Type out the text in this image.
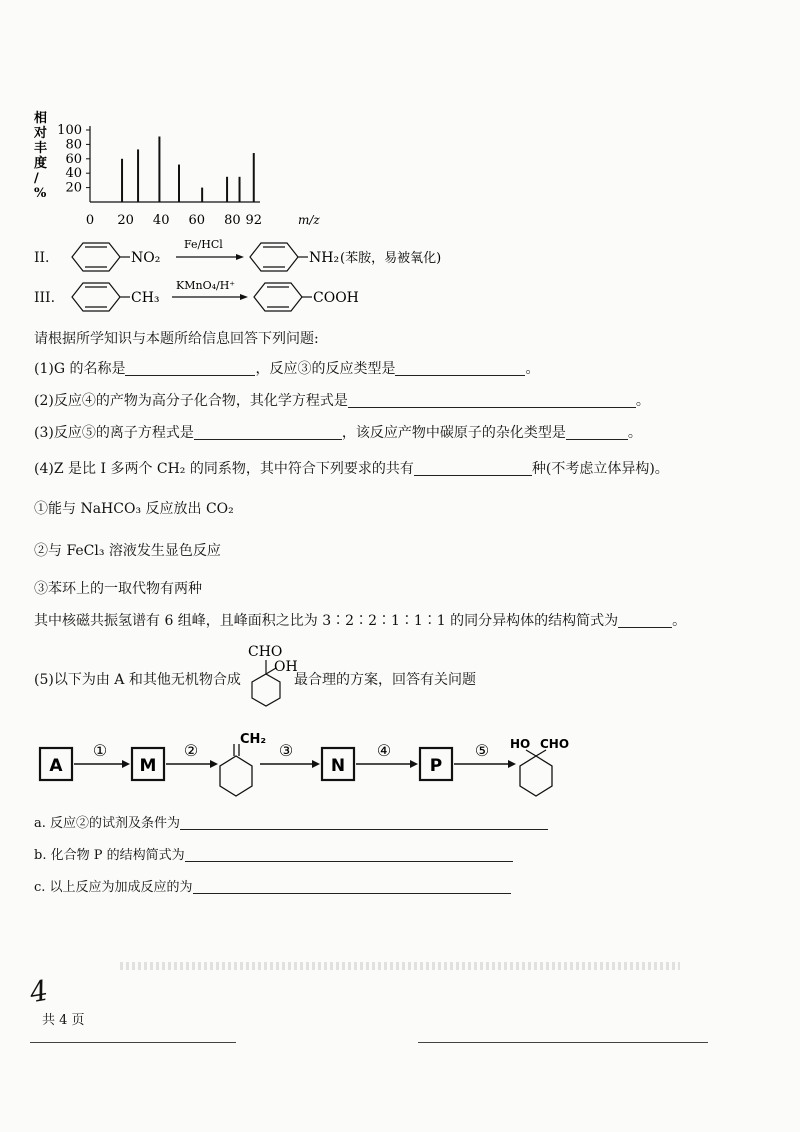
相
对
丰
度
/
%
100
80
60
40
20
0 20 40 60 80 92	m/z
II.	NO₂
Fe/HCl
NH₂ (苯胺，易被氧化)
III.	CH₃
KMnO₄/H⁺
COOH
请根据所学知识与本题所给信息回答下列问题:
(1)G 的名称是	，反应③的反应类型是	。
(2)反应④的产物为高分子化合物，其化学方程式是	。
(3)反应⑤的离子方程式是	，该反应产物中碳原子的杂化类型是	。
(4)Z 是比 I 多两个 CH₂ 的同系物，其中符合下列要求的共有	种(不考虑立体异构)。
①能与 NaHCO₃ 反应放出 CO₂
②与 FeCl₃ 溶液发生显色反应
③苯环上的一取代物有两种
其中核磁共振氢谱有 6 组峰，且峰面积之比为 3∶2∶2∶1∶1∶1 的同分异构体的结构简式为	。
(5)以下为由 A 和其他无机物合成
CHO
OH
最合理的方案，回答有关问题
A
①
M
②
CH₂
③
N
④
P
⑤ HO CHO
a. 反应②的试剂及条件为
b. 化合物 P 的结构简式为
c. 以上反应为加成反应的为
4
共 4 页
